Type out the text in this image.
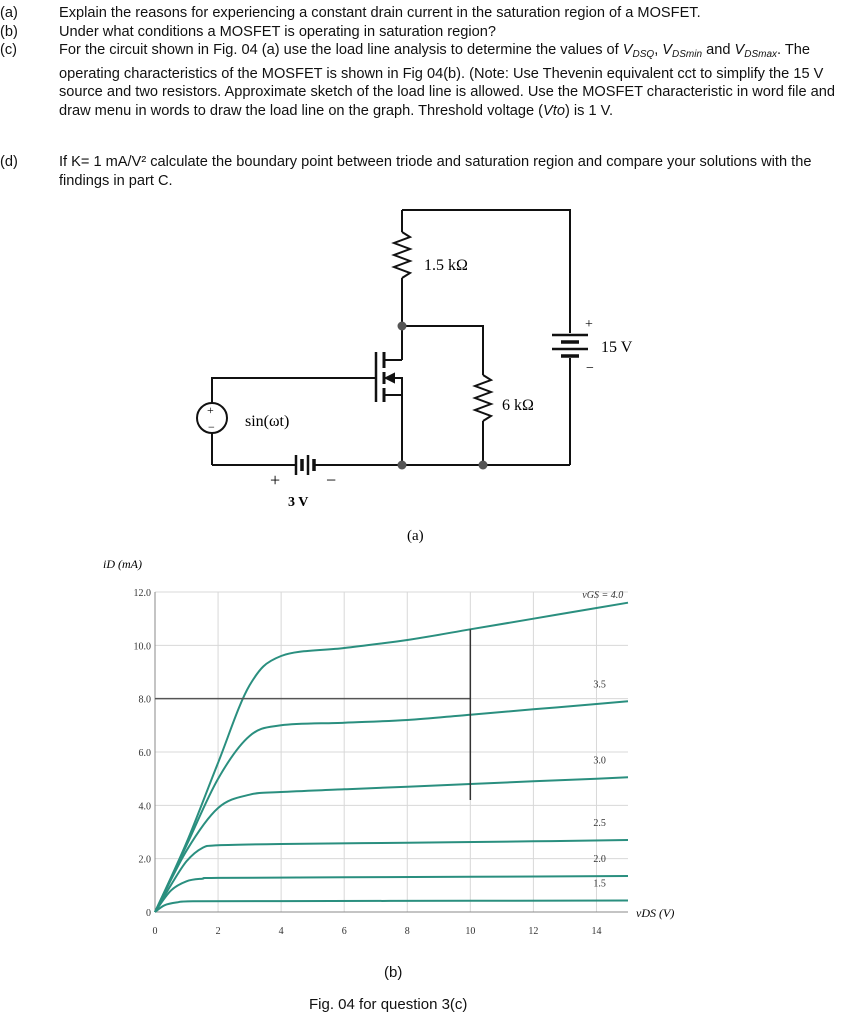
(a)	Explain the reasons for experiencing a constant drain current in the saturation region of a MOSFET.
(b)	Under what conditions a MOSFET is operating in saturation region?
(c)	For the circuit shown in Fig. 04 (a) use the load line analysis to determine the values of $V_{DSQ}$, $V_{DSmin}$ and $V_{DSmax}$. The operating characteristics of the MOSFET is shown in Fig 04(b). (Note: Use Thevenin equivalent cct to simplify the 15 V source and two resistors. Approximate sketch of the load line is allowed. Use the MOSFET characteristic in word file and draw menu in words to draw the load line on the graph. Threshold voltage (Vto) is 1 V.
(d)	If K= 1 mA/V² calculate the boundary point between triode and saturation region and compare your solutions with the findings in part C.
1.5 kΩ
6 kΩ
+
15 V
−
+
− sin(ωt)
+	−
3 V
(a)
iD (mA)
0	2	4	6	8	10	12	14
0
2.0
4.0
6.0
8.0
10.0
12.0	vGS = 4.0
3.5
3.0
2.5
2.0
1.5
vDS (V)
(b)
Fig. 04 for question 3(c)
